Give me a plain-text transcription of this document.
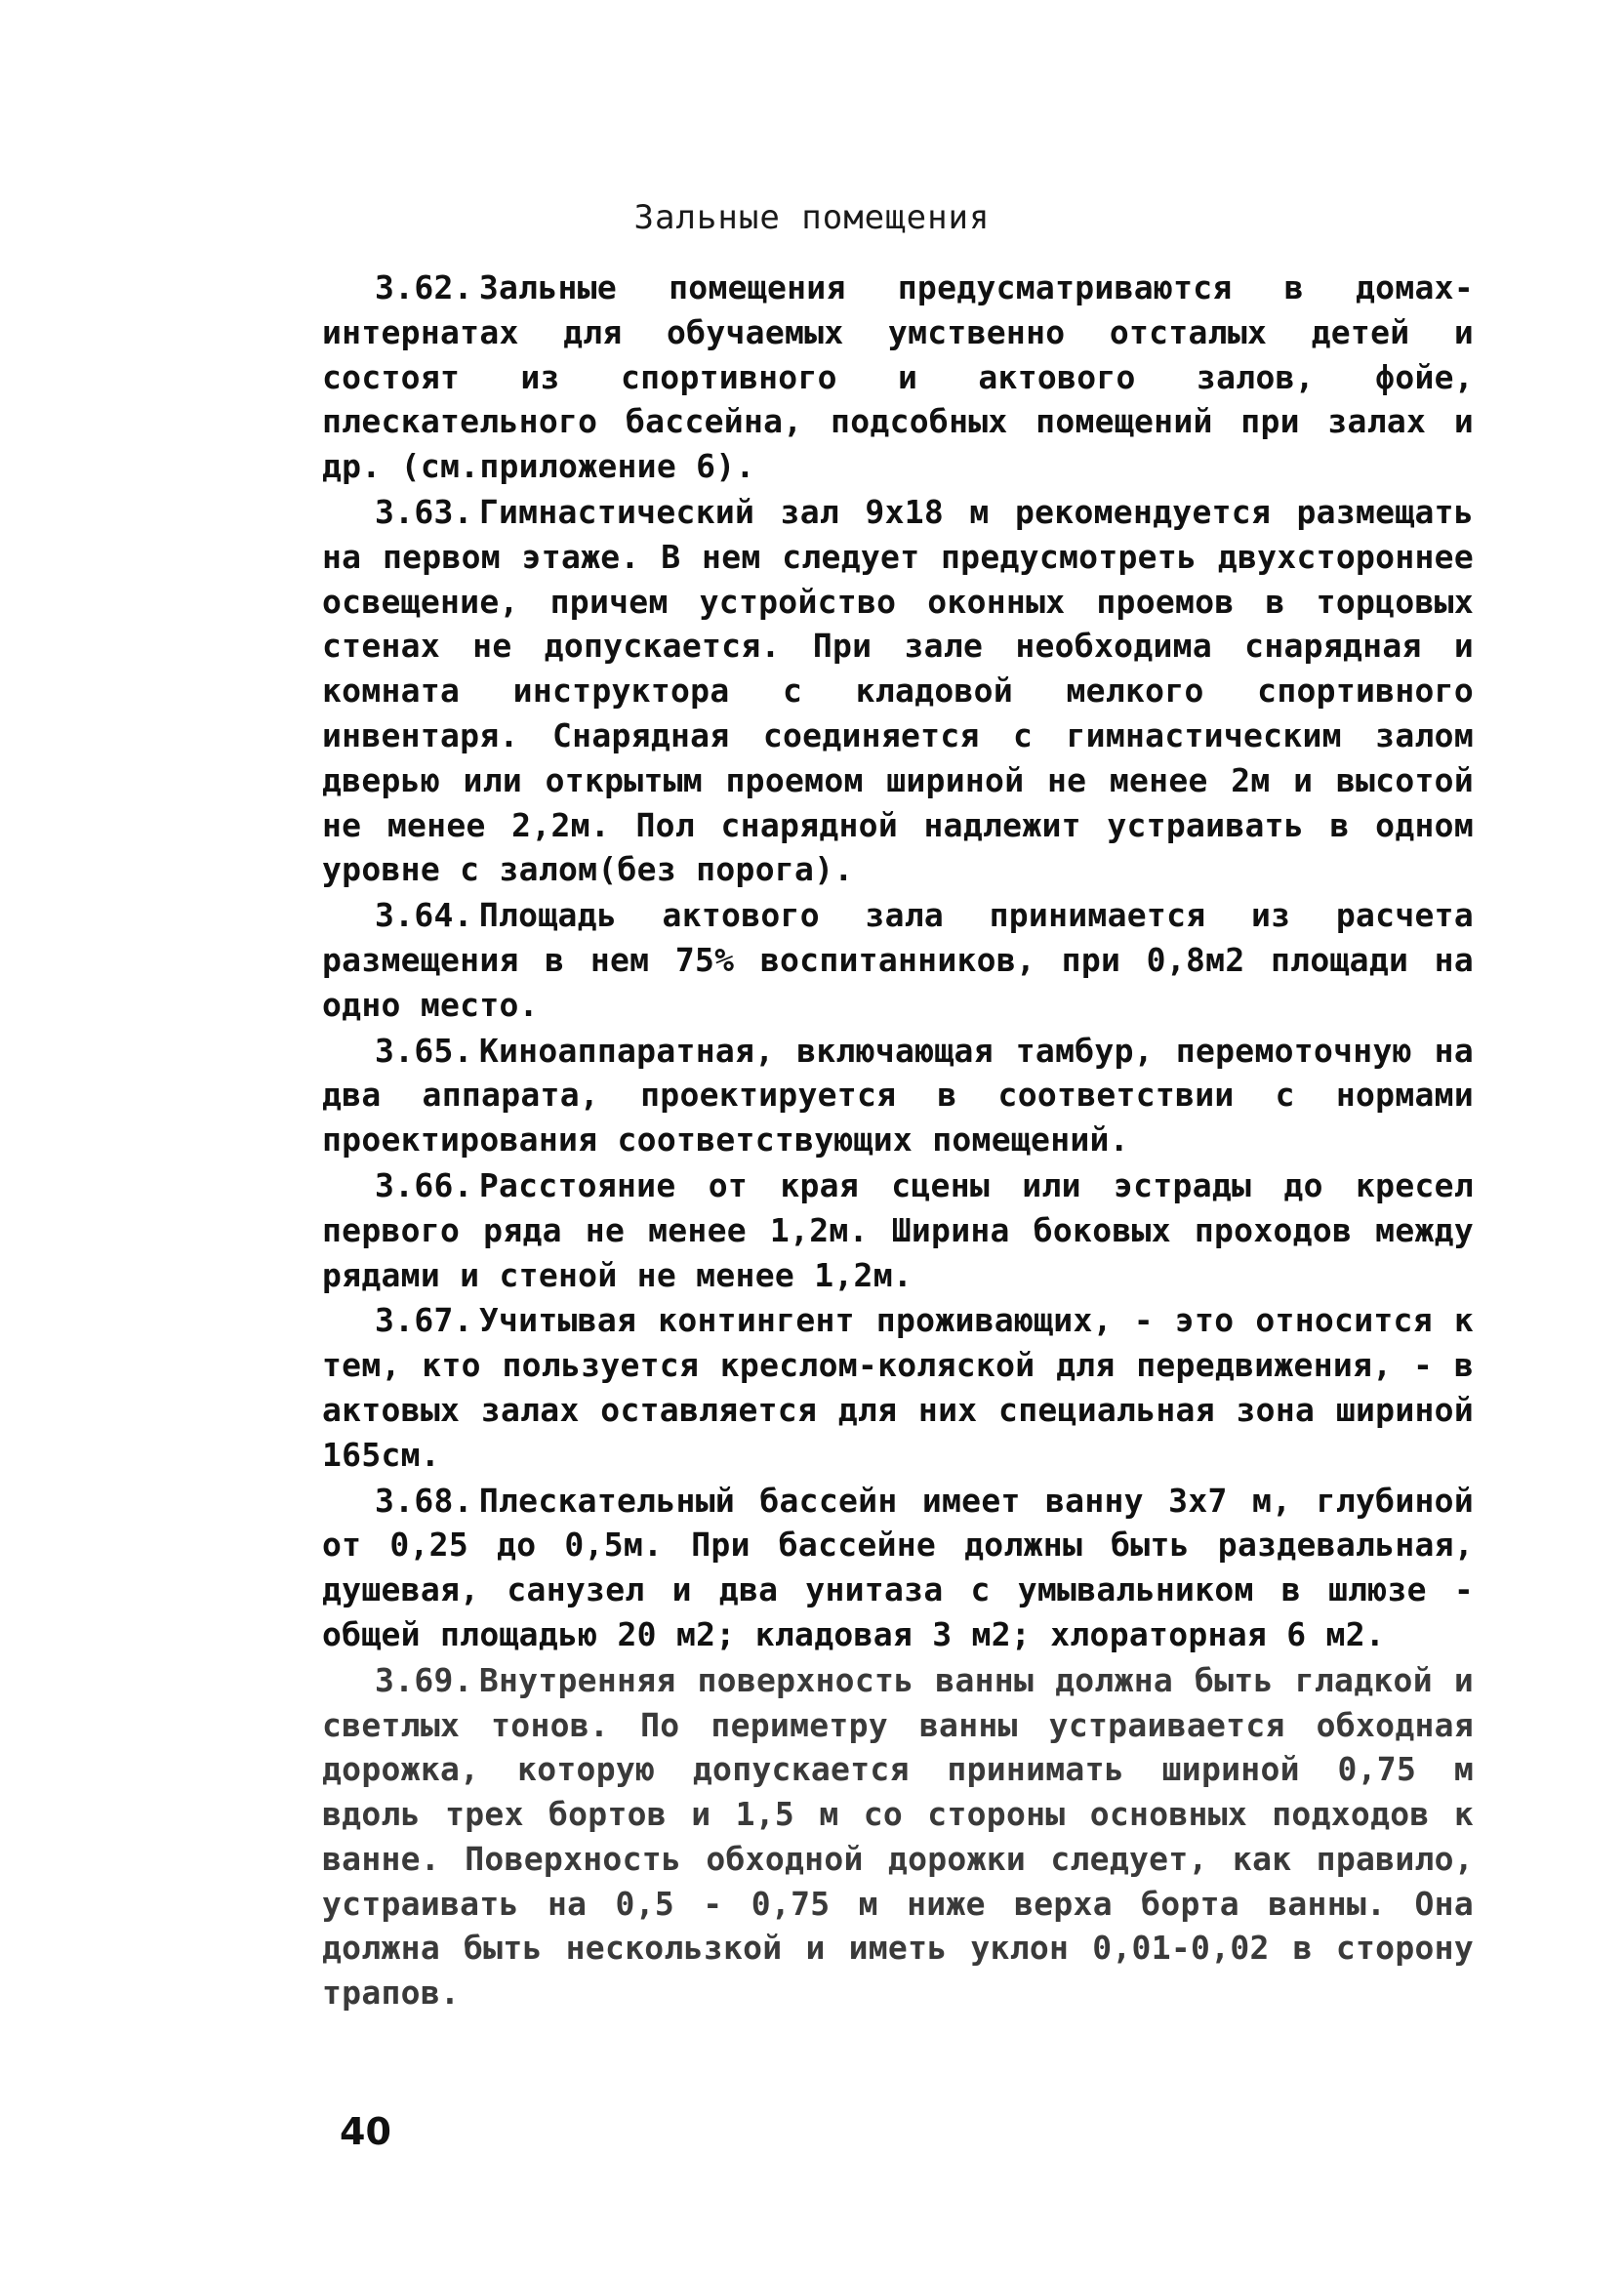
Зальные помещения

3.62. Зальные помещения предусматриваются в домах-интернатах для обучаемых умственно отсталых детей и состоят из спортивного и актового залов, фойе, плескательного бассейна, подсобных помещений при залах и др. (см.приложение 6).

3.63. Гимнастический зал 9x18 м рекомендуется размещать на первом этаже. В нем следует предусмотреть двухстороннее освещение, причем устройство оконных проемов в торцовых стенах не допускается. При зале необходима снарядная и комната инструктора с кладовой мелкого спортивного инвентаря. Снарядная соединяется с гимнастическим залом дверью или открытым проемом шириной не менее 2м и высотой не менее 2,2м. Пол снарядной надлежит устраивать в одном уровне с залом(без порога).

3.64. Площадь актового зала принимается из расчета размещения в нем 75% воспитанников, при 0,8м2 площади на одно место.

3.65. Киноаппаратная, включающая тамбур, перемоточную на два аппарата, проектируется в соответствии с нормами проектирования соответствующих помещений.

3.66. Расстояние от края сцены или эстрады до кресел первого ряда не менее 1,2м. Ширина боковых проходов между рядами и стеной не менее 1,2м.

3.67. Учитывая контингент проживающих, - это относится к тем, кто пользуется креслом-коляской для передвижения, - в актовых залах оставляется для них специальная зона шириной 165см.

3.68. Плескательный бассейн имеет ванну 3x7 м, глубиной от 0,25 до 0,5м. При бассейне должны быть раздевальная, душевая, санузел и два унитаза с умывальником в шлюзе - общей площадью 20 м2; кладовая 3 м2; хлораторная 6 м2.

3.69. Внутренняя поверхность ванны должна быть гладкой и светлых тонов. По периметру ванны устраивается обходная дорожка, которую допускается принимать шириной 0,75 м вдоль трех бортов и 1,5 м со стороны основных подходов к ванне. Поверхность обходной дорожки следует, как правило, устраивать на 0,5 - 0,75 м ниже верха борта ванны. Она должна быть нескользкой и иметь уклон 0,01-0,02 в сторону трапов.

40
